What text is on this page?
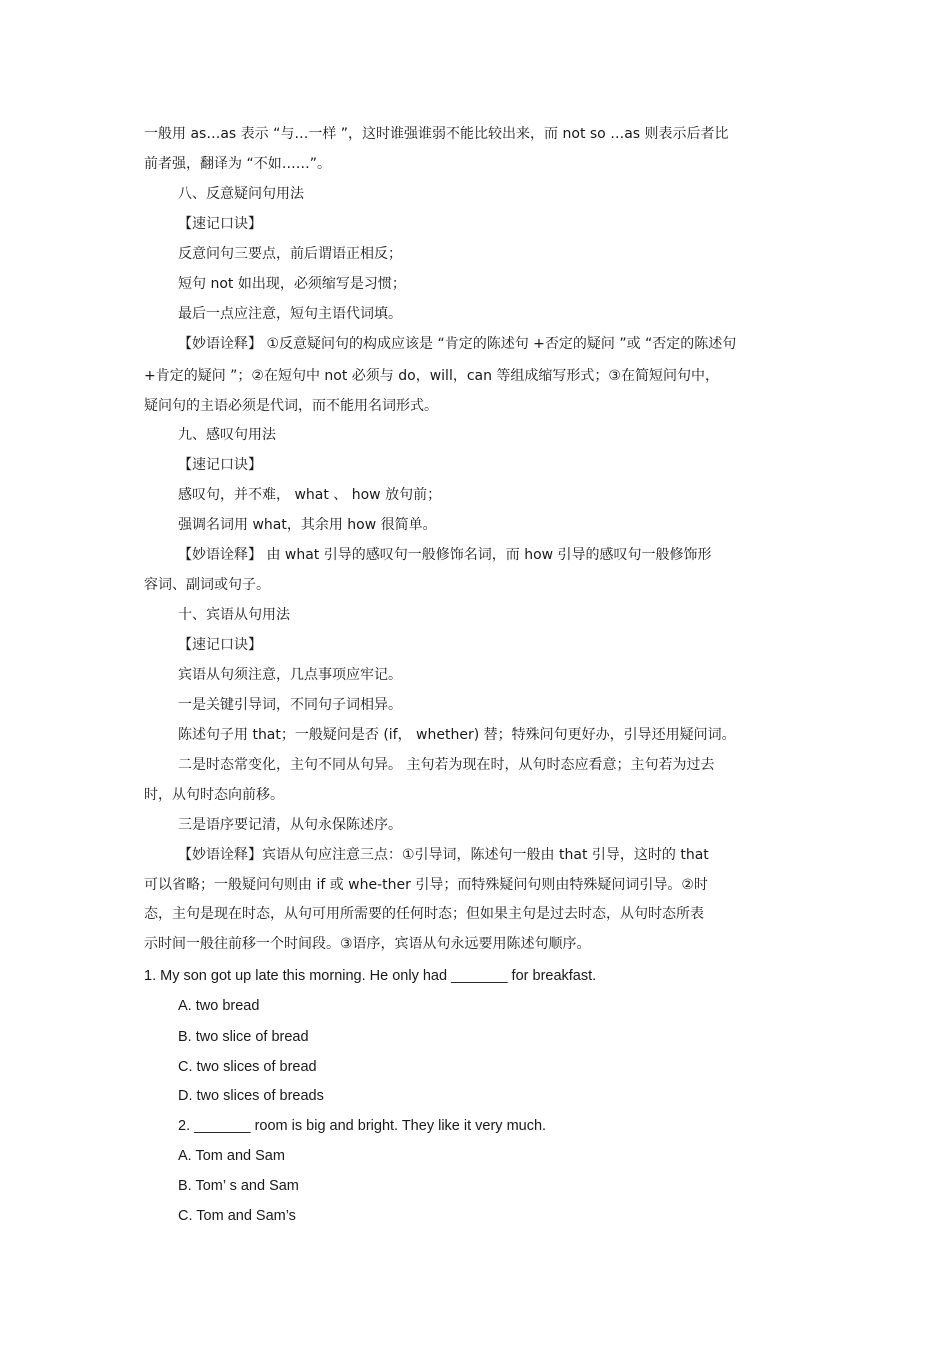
一般用 as…as 表示 “与…一样 ”，这时谁强谁弱不能比较出来，而 not so …as 则表示后者比
前者强，翻译为 “不如……”。
八、反意疑问句用法
【速记口诀】
反意问句三要点，前后谓语正相反；
短句 not 如出现，必须缩写是习惯；
最后一点应注意，短句主语代词填。
【妙语诠释】 ①反意疑问句的构成应该是 “肯定的陈述句 +否定的疑问 ”或 “否定的陈述句
+肯定的疑问 ”；②在短句中 not 必须与 do，will，can 等组成缩写形式；③在简短问句中，
疑问句的主语必须是代词，而不能用名词形式。
九、感叹句用法
【速记口诀】
感叹句，并不难， what 、 how 放句前；
强调名词用 what，其余用 how 很简单。
【妙语诠释】 由 what 引导的感叹句一般修饰名词，而 how 引导的感叹句一般修饰形
容词、副词或句子。
十、宾语从句用法
【速记口诀】
宾语从句须注意，几点事项应牢记。
一是关键引导词，不同句子词相异。
陈述句子用 that；一般疑问是否 (if， whether) 替；特殊问句更好办，引导还用疑问词。
二是时态常变化，主句不同从句异。 主句若为现在时，从句时态应看意；主句若为过去
时，从句时态向前移。
三是语序要记清，从句永保陈述序。
【妙语诠释】宾语从句应注意三点：①引导词，陈述句一般由 that 引导，这时的 that
可以省略；一般疑问句则由 if 或 whe-ther 引导；而特殊疑问句则由特殊疑问词引导。②时
态，主句是现在时态，从句可用所需要的任何时态；但如果主句是过去时态，从句时态所表
示时间一般往前移一个时间段。③语序，宾语从句永远要用陈述句顺序。
1. My son got up late this morning. He only had _______ for breakfast.
A. two bread
B. two slice of bread
C. two slices of bread
D. two slices of breads
2. _______ room is big and bright. They like it very much.
A. Tom and Sam
B. Tom’ s and Sam
C. Tom and Sam’s
